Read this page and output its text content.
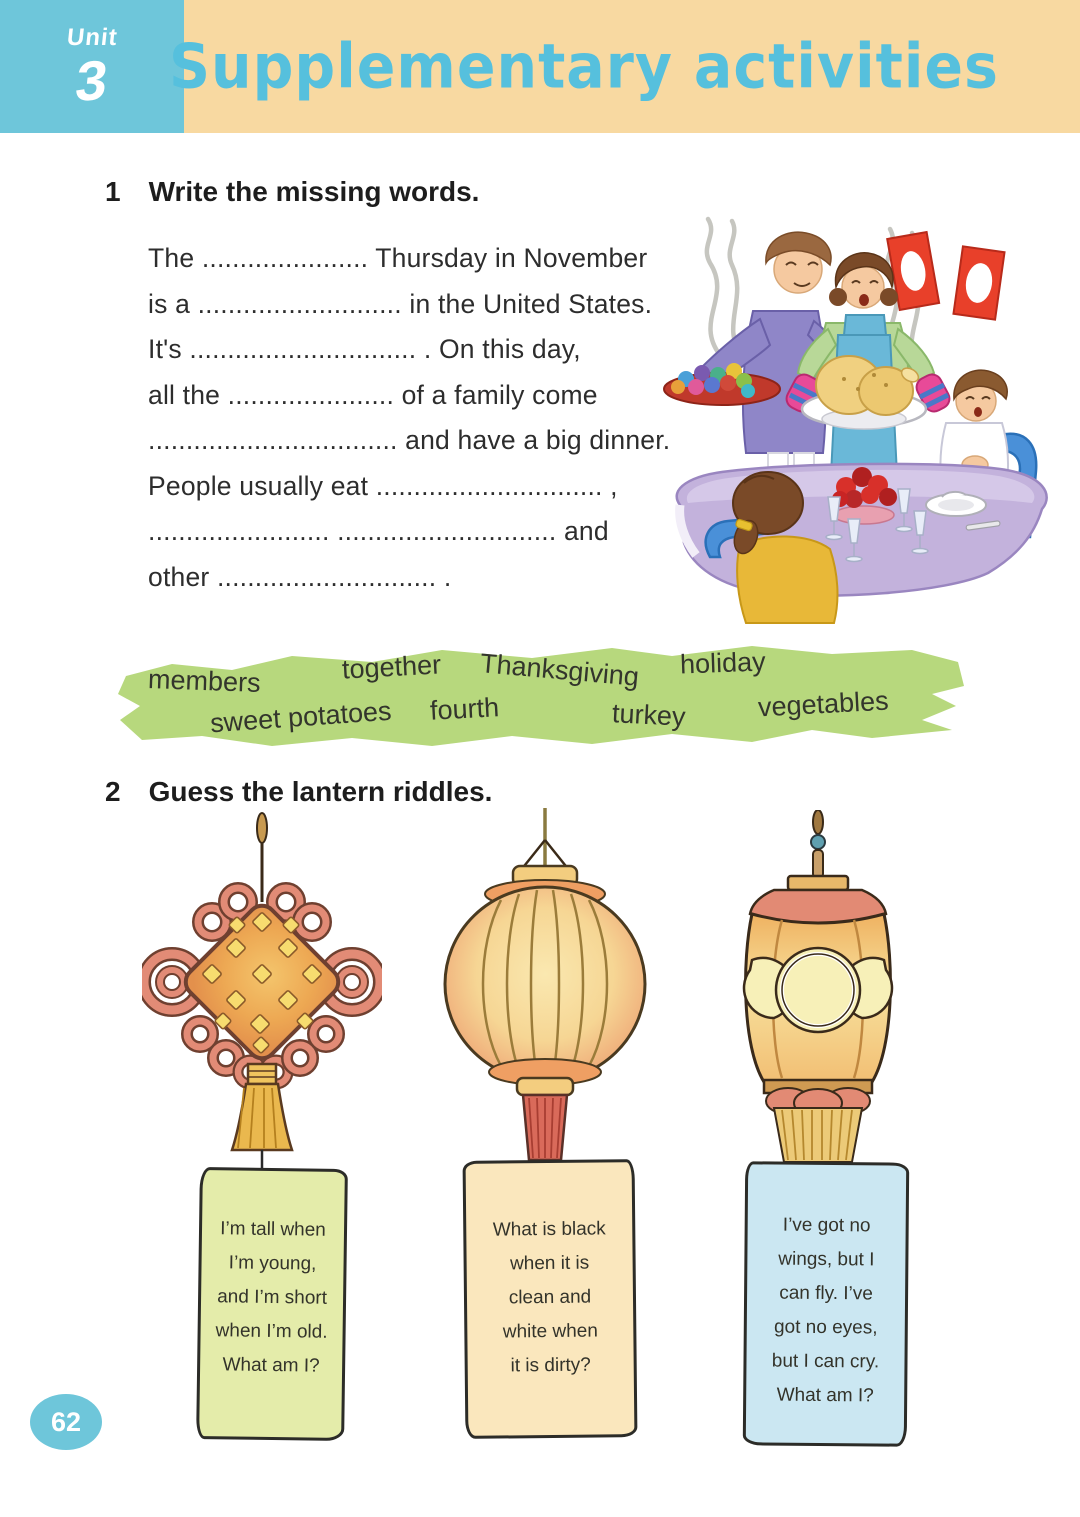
Unit
3 Supplementary activities
1 Write the missing words.
The ...................... Thursday in November
is a ........................... in the United States.
It's .............................. . On this day,
all the ...................... of a family come
................................. and have a big dinner.
People usually eat .............................. ,
........................ ............................. and
other ............................. .
members	together Thanksgiving holiday
sweet potatoes fourth	turkey	vegetables
2 Guess the lantern riddles.
I’m tall when
I’m young,
and I’m short
when I’m old.
What am I?
What is black
when it is
clean and
white when
it is dirty?
I’ve got no
wings, but I
can fly. I’ve
got no eyes,
but I can cry.
What am I?
62
